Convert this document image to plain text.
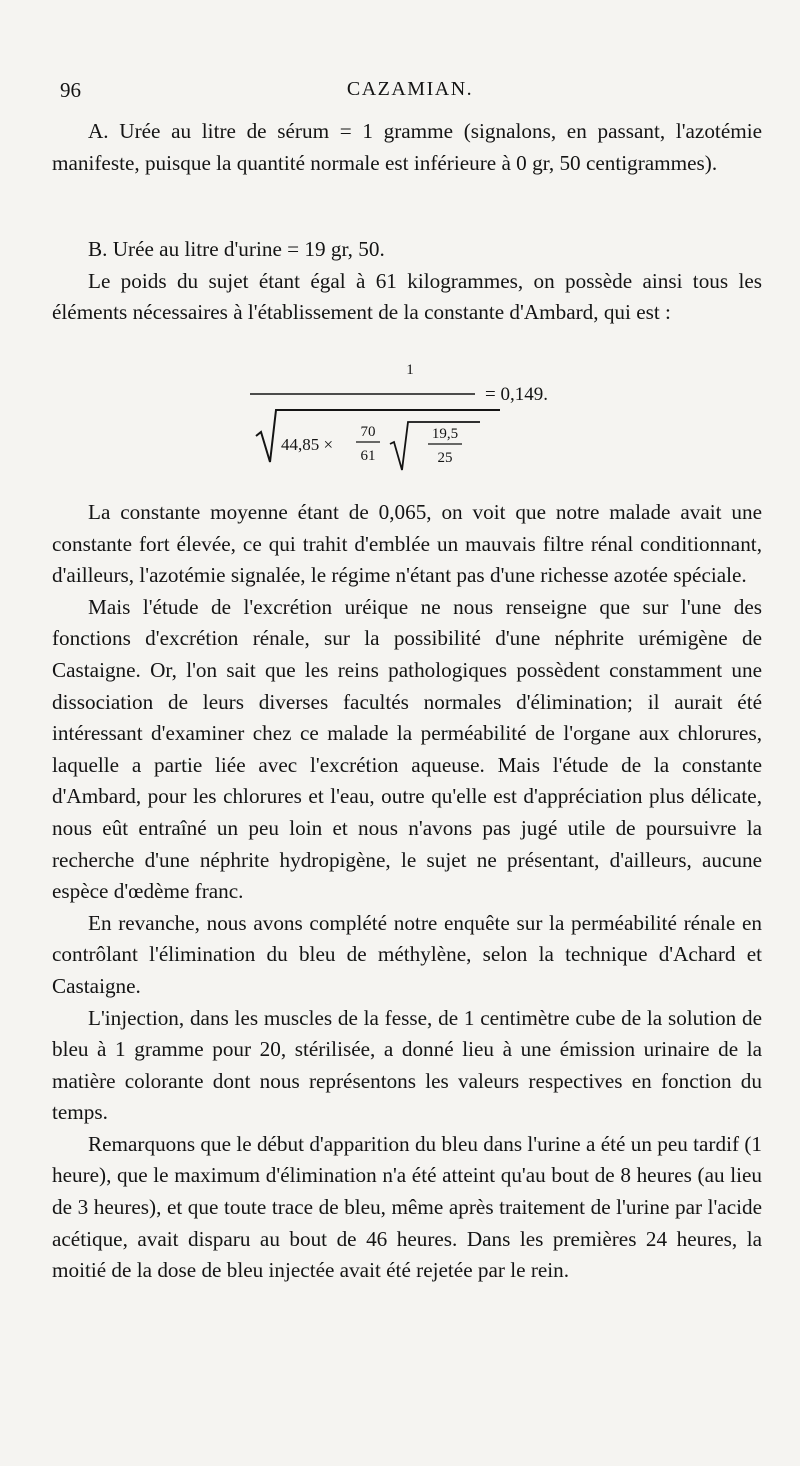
96	CAZAMIAN.

A. Urée au litre de sérum = 1 gramme (signalons, en passant, l'azotémie manifeste, puisque la quantité normale est inférieure à 0 gr, 50 centigrammes).

B. Urée au litre d'urine = 19 gr, 50.

Le poids du sujet étant égal à 61 kilogrammes, on possède ainsi tous les éléments nécessaires à l'établissement de la constante d'Ambard, qui est :

1
= 0,149.
44,85 ×
70
61
19,5
25

La constante moyenne étant de 0,065, on voit que notre malade avait une constante fort élevée, ce qui trahit d'emblée un mauvais filtre rénal conditionnant, d'ailleurs, l'azotémie signalée, le régime n'étant pas d'une richesse azotée spéciale.

Mais l'étude de l'excrétion uréique ne nous renseigne que sur l'une des fonctions d'excrétion rénale, sur la possibilité d'une néphrite urémigène de Castaigne. Or, l'on sait que les reins pathologiques possèdent constamment une dissociation de leurs diverses facultés normales d'élimination; il aurait été intéressant d'examiner chez ce malade la perméabilité de l'organe aux chlorures, laquelle a partie liée avec l'excrétion aqueuse. Mais l'étude de la constante d'Ambard, pour les chlorures et l'eau, outre qu'elle est d'appréciation plus délicate, nous eût entraîné un peu loin et nous n'avons pas jugé utile de poursuivre la recherche d'une néphrite hydropigène, le sujet ne présentant, d'ailleurs, aucune espèce d'œdème franc.

En revanche, nous avons complété notre enquête sur la perméabilité rénale en contrôlant l'élimination du bleu de méthylène, selon la technique d'Achard et Castaigne.

L'injection, dans les muscles de la fesse, de 1 centimètre cube de la solution de bleu à 1 gramme pour 20, stérilisée, a donné lieu à une émission urinaire de la matière colorante dont nous représentons les valeurs respectives en fonction du temps.

Remarquons que le début d'apparition du bleu dans l'urine a été un peu tardif (1 heure), que le maximum d'élimination n'a été atteint qu'au bout de 8 heures (au lieu de 3 heures), et que toute trace de bleu, même après traitement de l'urine par l'acide acétique, avait disparu au bout de 46 heures. Dans les premières 24 heures, la moitié de la dose de bleu injectée avait été rejetée par le rein.
